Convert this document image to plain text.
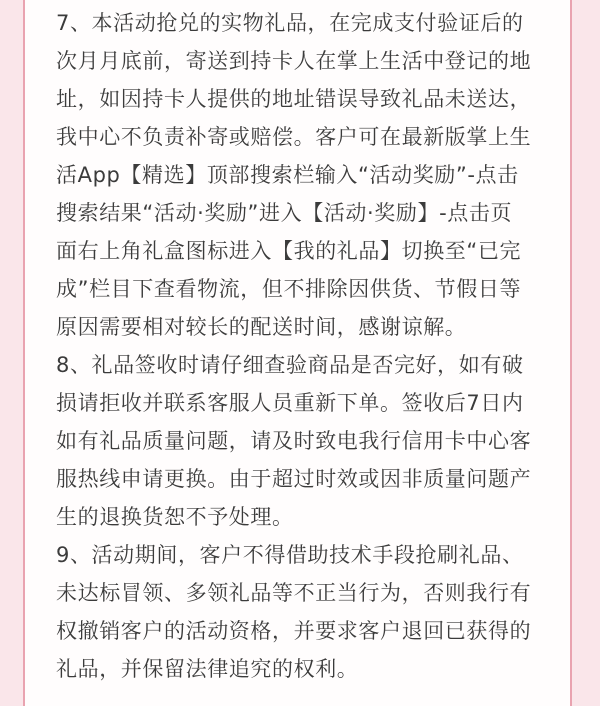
7、本活动抢兑的实物礼品，在完成支付验证后的
次月月底前，寄送到持卡人在掌上生活中登记的地
址，如因持卡人提供的地址错误导致礼品未送达，
我中心不负责补寄或赔偿。客户可在最新版掌上生
活App【精选】顶部搜索栏输入“活动奖励”-点击
搜索结果“活动·奖励”进入【活动·奖励】-点击页
面右上角礼盒图标进入【我的礼品】切换至“已完
成”栏目下查看物流，但不排除因供货、节假日等
原因需要相对较长的配送时间，感谢谅解。
8、礼品签收时请仔细查验商品是否完好，如有破
损请拒收并联系客服人员重新下单。签收后7日内
如有礼品质量问题，请及时致电我行信用卡中心客
服热线申请更换。由于超过时效或因非质量问题产
生的退换货恕不予处理。
9、活动期间，客户不得借助技术手段抢刷礼品、
未达标冒领、多领礼品等不正当行为，否则我行有
权撤销客户的活动资格，并要求客户退回已获得的
礼品，并保留法律追究的权利。
